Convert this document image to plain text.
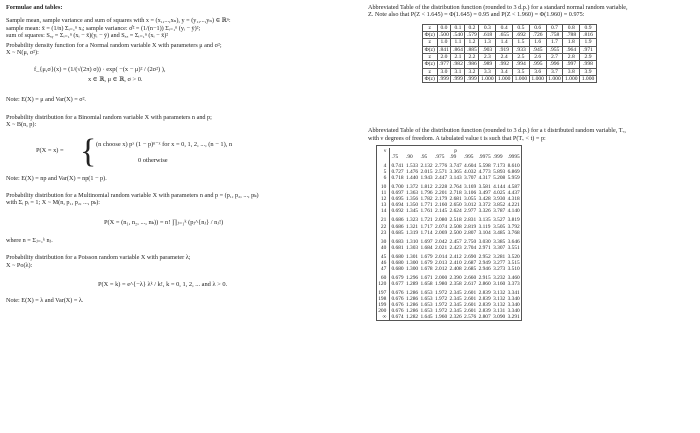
Formulae and tables:
Sample mean, sample variance and sum of squares with x = (x₁,...,xₙ), y = (y₁,...,yₙ) ∈ ℝⁿ:
sample mean: x̄ = (1/n) Σᵢ₌₁ⁿ xᵢ; sample variance: σ̂² = (1/(n−1)) Σᵢ₌₁ⁿ (yᵢ − ȳ)²;
sum of squares: Sₓᵧ = Σᵢ₌₁ⁿ (xᵢ − x̄)(yᵢ − ȳ) and Sₓₓ = Σᵢ₌₁ⁿ (xᵢ − x̄)²
Probability density function for a Normal random variable X with parameters μ and σ²;
X ~ N(μ, σ²):
f_{μ,σ}(x) = (1/(√(2π) σ)) · exp( −(x − μ)² / (2σ²) ),
x ∈ ℝ, μ ∈ ℝ, σ > 0.
Note: E(X) = μ and Var(X) = σ².
Probability distribution for a Binomial random variable X with parameters n and p;
X ~ B(n, p):
P(X = x) = { (n choose x) pˣ (1 − p)ⁿ⁻ˣ for x = 0, 1, 2, ..., (n − 1), n
0 otherwise
Note: E(X) = np and Var(X) = np(1 − p).
Probability distribution for a Multinomial random variable X with parameters n and p = (p₁, p₂, ..., pₖ)
with Σᵢ pᵢ = 1; X ~ M(n, p₁, p₂, ..., pₖ):
P(X = (n₁, n₂, ..., nₖ)) = n! ∏ⱼ₌₁ᵏ (pⱼ^{nⱼ} / nⱼ!)
where n = Σⱼ₌₁ᵏ nⱼ.
Probability distribution for a Poisson random variable X with parameter λ;
X ~ Po(λ):
P(X = k) = e^{−λ} λᵏ / k!, k = 0, 1, 2, ... and λ > 0.
Note: E(X) = λ and Var(X) = λ.
Abbreviated Table of the distribution function (rounded to 3 d.p.) for a standard normal random variable,
Z. Note also that P(Z < 1.645) = Φ(1.645) = 0.95 and P(Z < 1.960) = Φ(1.960) = 0.975:
z	0.0	0.1	0.2	0.3	0.4	0.5	0.6	0.7	0.8	0.9
Φ(z)	.500	.540	.579	.618	.655	.692	.726	.758	.788	.816
z	1.0	1.1	1.2	1.3	1.4	1.5	1.6	1.7	1.8	1.9
Φ(z)	.841	.864	.885	.903	.919	.933	.945	.955	.964	.971
z	2.0	2.1	2.2	2.3	2.4	2.5	2.6	2.7	2.8	2.9
Φ(z)	.977	.982	.986	.989	.992	.994	.995	.996	.997	.998
z	3.0	3.1	3.2	3.3	3.4	3.5	3.6	3.7	3.8	3.9
Φ(z)	.999	.999	.999	1.000	1.000	1.000	1.000	1.000	1.000	1.000
Abbreviated Table of the distribution function (rounded to 3 d.p.) for a t distributed random variable, Tᵥ,
with ν degrees of freedom. A tabulated value t is such that P(Tᵥ < t) = p:
ν	p								
	.75	.90	.95	.975	.99	.995	.9975	.999	.9995

4	0.741	1.533	2.132	2.776	3.747	4.604	5.598	7.173	8.610
5	0.727	1.476	2.015	2.571	3.365	4.032	4.773	5.893	6.869
6	0.718	1.440	1.943	2.447	3.143	3.707	4.317	5.208	5.959

10	0.700	1.372	1.812	2.228	2.764	3.169	3.581	4.144	4.587
11	0.697	1.363	1.796	2.201	2.718	3.106	3.497	4.025	4.437
12	0.695	1.356	1.782	2.179	2.681	3.055	3.428	3.930	4.318
13	0.694	1.350	1.771	2.160	2.650	3.012	3.372	3.852	4.221
14	0.692	1.345	1.761	2.145	2.624	2.977	3.326	3.787	4.140

21	0.686	1.323	1.721	2.080	2.518	2.831	3.135	3.527	3.819
22	0.686	1.321	1.717	2.074	2.508	2.819	3.119	3.505	3.792
23	0.685	1.319	1.714	2.069	2.500	2.807	3.104	3.485	3.768

30	0.683	1.310	1.697	2.042	2.457	2.750	3.030	3.385	3.646
40	0.681	1.303	1.684	2.021	2.423	2.704	2.971	3.307	3.551

45	0.680	1.301	1.679	2.014	2.412	2.690	2.952	3.281	3.520
46	0.680	1.300	1.679	2.013	2.410	2.687	2.949	3.277	3.515
47	0.680	1.300	1.678	2.012	2.408	2.685	2.946	3.273	3.510

60	0.679	1.296	1.671	2.000	2.390	2.660	2.915	3.232	3.460
120	0.677	1.289	1.658	1.980	2.358	2.617	2.860	3.160	3.373

197	0.676	1.286	1.653	1.972	2.345	2.601	2.839	3.132	3.341
198	0.676	1.286	1.653	1.972	2.345	2.601	2.839	3.132	3.340
199	0.676	1.286	1.653	1.972	2.345	2.601	2.839	3.132	3.340
200	0.676	1.286	1.653	1.972	2.345	2.601	2.839	3.131	3.340
∞	0.674	1.282	1.645	1.960	2.326	2.576	2.807	3.090	3.291
